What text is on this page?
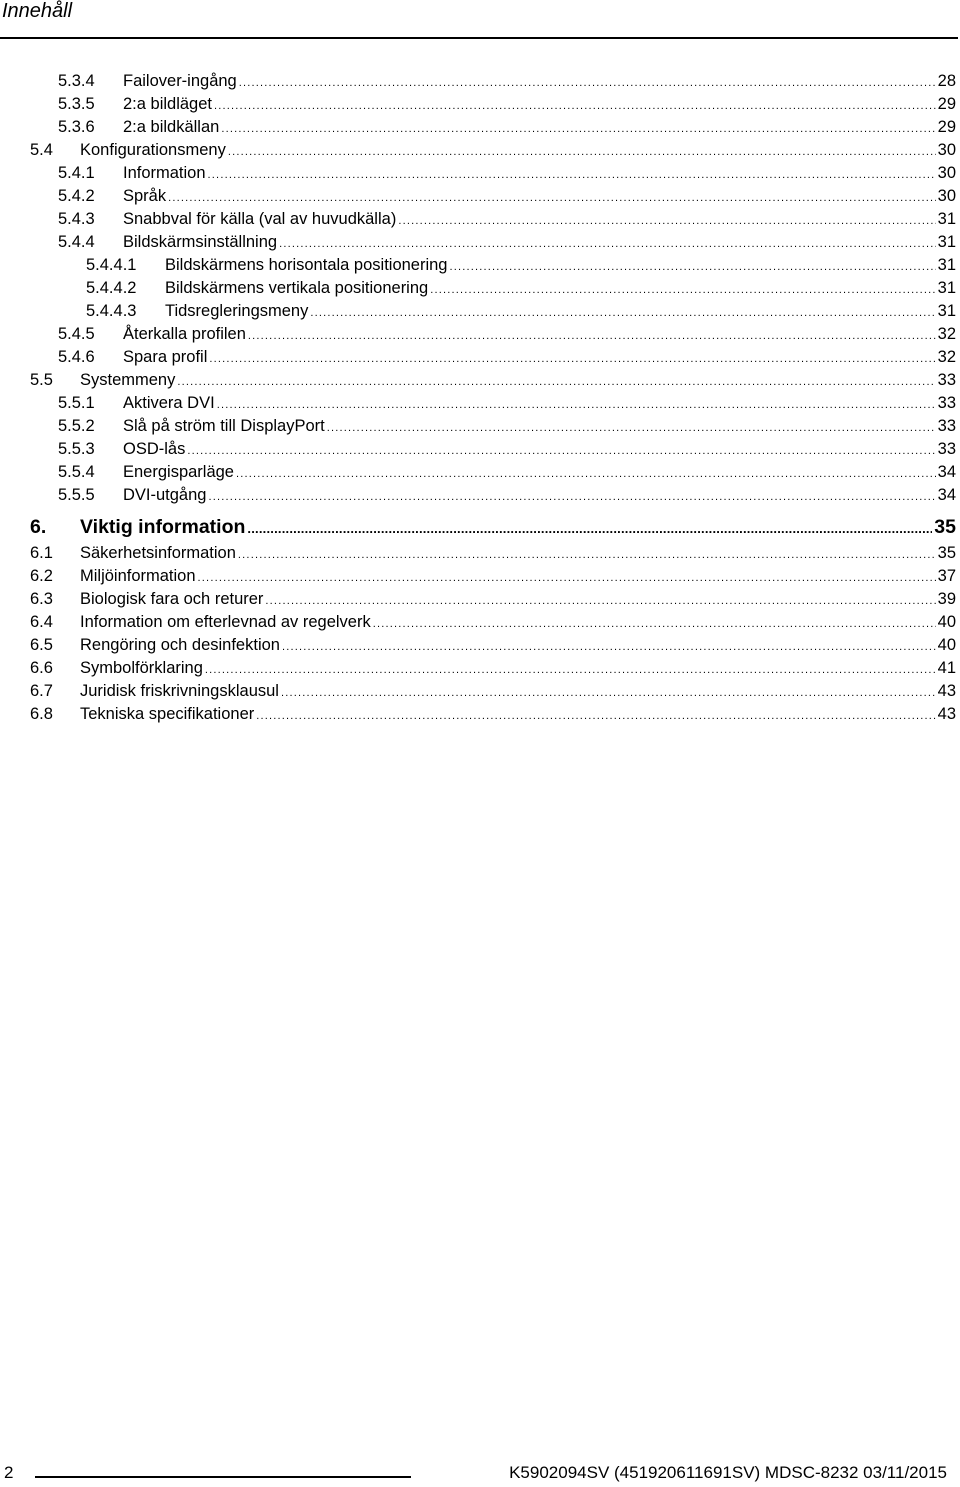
Innehåll
5.3.4	Failover-ingång .....	28
5.3.5	2:a bildläget .....	29
5.3.6	2:a bildkällan .....	29
5.4	Konfigurationsmeny .....	30
5.4.1	Information .....	30
5.4.2	Språk .....	30
5.4.3	Snabbval för källa (val av huvudkälla) .....	31
5.4.4	Bildskärmsinställning .....	31
5.4.4.1	Bildskärmens horisontala positionering .....	31
5.4.4.2	Bildskärmens vertikala positionering .....	31
5.4.4.3	Tidsregleringsmeny .....	31
5.4.5	Återkalla profilen .....	32
5.4.6	Spara profil .....	32
5.5	Systemmeny .....	33
5.5.1	Aktivera DVI .....	33
5.5.2	Slå på ström till DisplayPort .....	33
5.5.3	OSD-lås .....	33
5.5.4	Energisparläge .....	34
5.5.5	DVI-utgång .....	34
6.	Viktig information .....	35
6.1	Säkerhetsinformation .....	35
6.2	Miljöinformation .....	37
6.3	Biologisk fara och returer .....	39
6.4	Information om efterlevnad av regelverk .....	40
6.5	Rengöring och desinfektion .....	40
6.6	Symbolförklaring .....	41
6.7	Juridisk friskrivningsklausul .....	43
6.8	Tekniska specifikationer .....	43
2	K5902094SV (451920611691SV) MDSC-8232 03/11/2015
